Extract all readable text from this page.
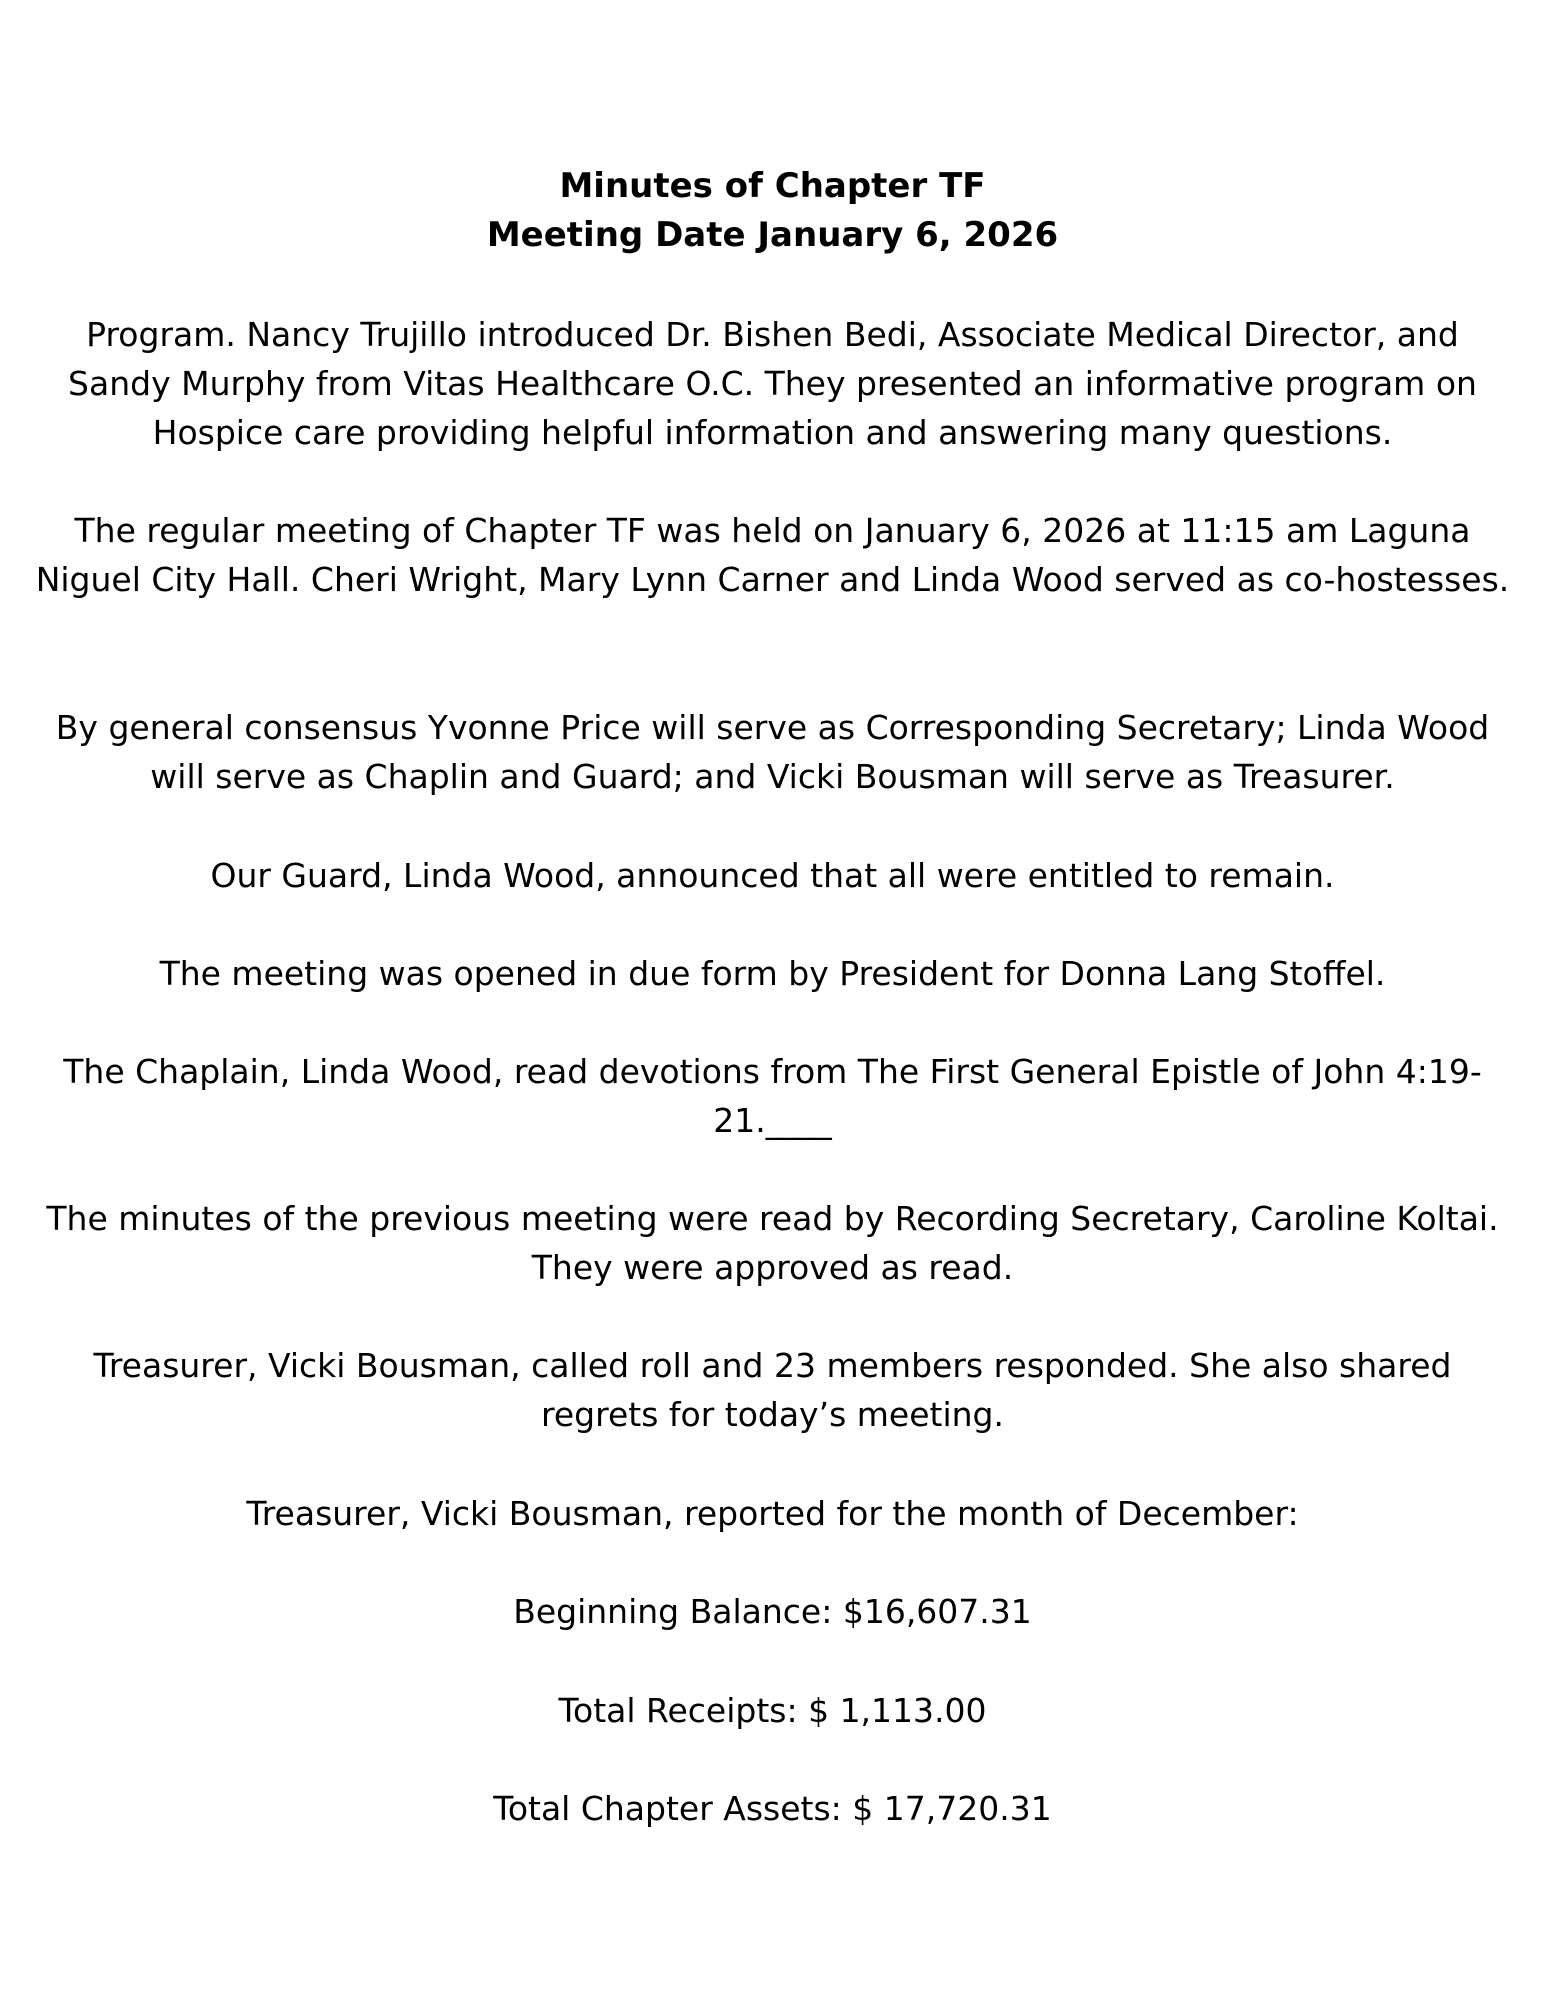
Minutes of Chapter TF
Meeting Date January 6, 2026

Program. Nancy Trujillo introduced Dr. Bishen Bedi, Associate Medical Director, and Sandy Murphy from Vitas Healthcare O.C. They presented an informative program on Hospice care providing helpful information and answering many questions.

The regular meeting of Chapter TF was held on January 6, 2026 at 11:15 am Laguna Niguel City Hall. Cheri Wright, Mary Lynn Carner and Linda Wood served as co-hostesses.

By general consensus Yvonne Price will serve as Corresponding Secretary; Linda Wood will serve as Chaplin and Guard; and Vicki Bousman will serve as Treasurer.

Our Guard, Linda Wood, announced that all were entitled to remain.

The meeting was opened in due form by President for Donna Lang Stoffel.

The Chaplain, Linda Wood, read devotions from The First General Epistle of John 4:19-21.____

The minutes of the previous meeting were read by Recording Secretary, Caroline Koltai. They were approved as read.

Treasurer, Vicki Bousman, called roll and 23 members responded. She also shared regrets for today’s meeting.

Treasurer, Vicki Bousman, reported for the month of December:

Beginning Balance: $16,607.31

Total Receipts: $ 1,113.00

Total Chapter Assets: $ 17,720.31
